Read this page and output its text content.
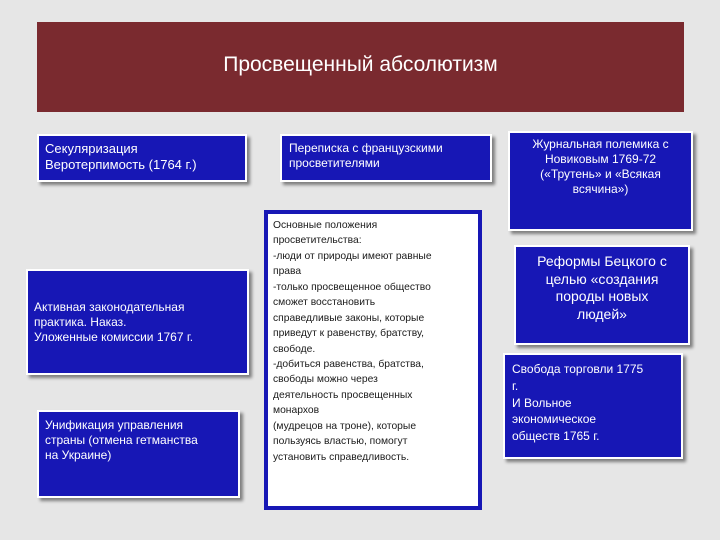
Просвещенный абсолютизм
Секуляризация
Веротерпимость (1764 г.)
Переписка с французскими
просветителями
Журнальная полемика с
Новиковым 1769-72
(«Трутень» и «Всякая
всячина»)
Активная законодательная
практика. Наказ.
Уложенные комиссии 1767 г.
Унификация управления
страны (отмена гетманства
на Украине)
Основные положения
просветительства:
-люди от природы имеют равные
права
-только просвещенное общество
сможет восстановить
справедливые законы, которые
приведут к равенству, братству,
свободе.
-добиться равенства, братства,
свободы можно через
деятельность просвещенных
монархов
(мудрецов на троне), которые
пользуясь властью, помогут
установить справедливость.
Реформы Бецкого с
целью «создания
породы новых
людей»
Свобода торговли 1775
г.
И Вольное
экономическое
обществ 1765 г.
